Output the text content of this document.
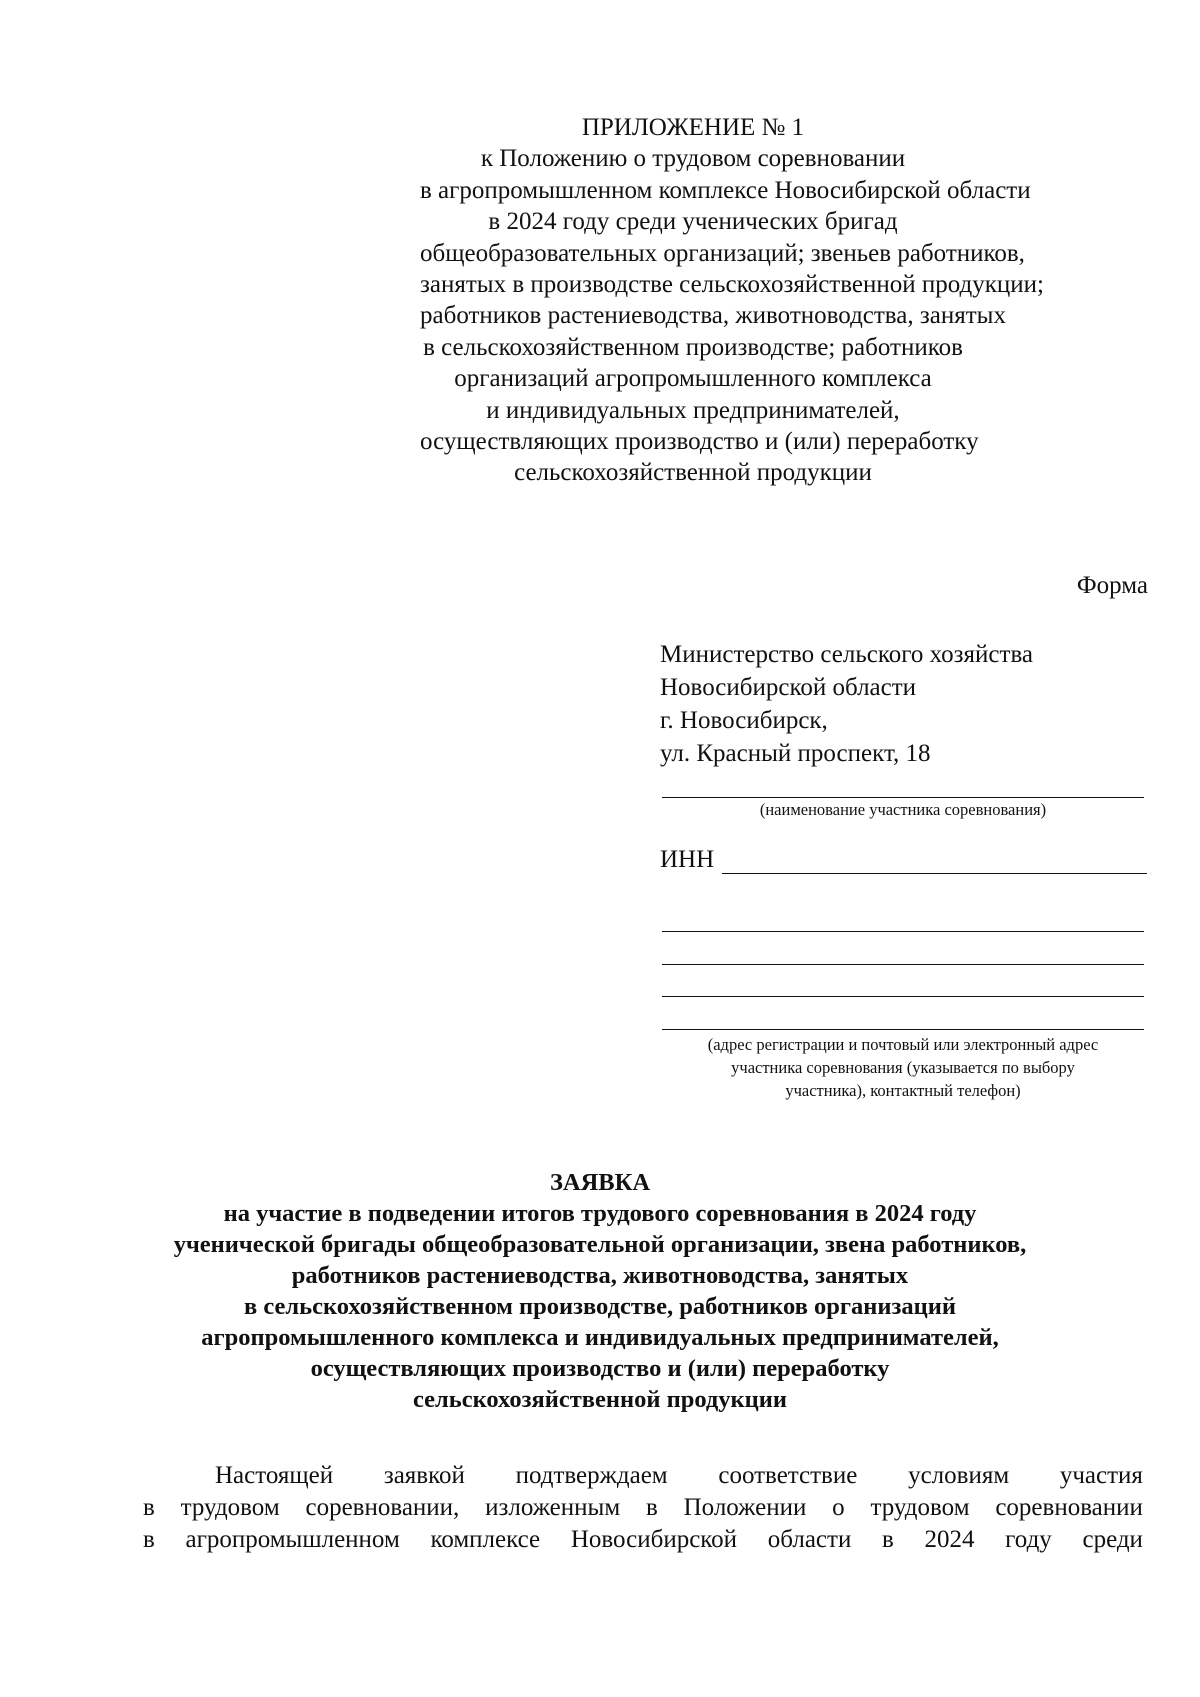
ПРИЛОЖЕНИЕ № 1
к Положению о трудовом соревновании
в агропромышленном комплексе Новосибирской области
в 2024 году среди ученических бригад
общеобразовательных организаций; звеньев работников,
занятых в производстве сельскохозяйственной продукции;
работников растениеводства, животноводства, занятых
в сельскохозяйственном производстве; работников
организаций агропромышленного комплекса
и индивидуальных предпринимателей,
осуществляющих производство и (или) переработку
сельскохозяйственной продукции
Форма
Министерство сельского хозяйства
Новосибирской области
г. Новосибирск,
ул. Красный проспект, 18
(наименование участника соревнования)
ИНН
(адрес регистрации и почтовый или электронный адрес
участника соревнования (указывается по выбору
участника), контактный телефон)
ЗАЯВКА
на участие в подведении итогов трудового соревнования в 2024 году
ученической бригады общеобразовательной организации, звена работников,
работников растениеводства, животноводства, занятых
в сельскохозяйственном производстве, работников организаций
агропромышленного комплекса и индивидуальных предпринимателей,
осуществляющих производство и (или) переработку
сельскохозяйственной продукции
Настоящей заявкой подтверждаем соответствие условиям участия
в трудовом соревновании, изложенным в Положении о трудовом соревновании
в агропромышленном комплексе Новосибирской области в 2024 году среди
